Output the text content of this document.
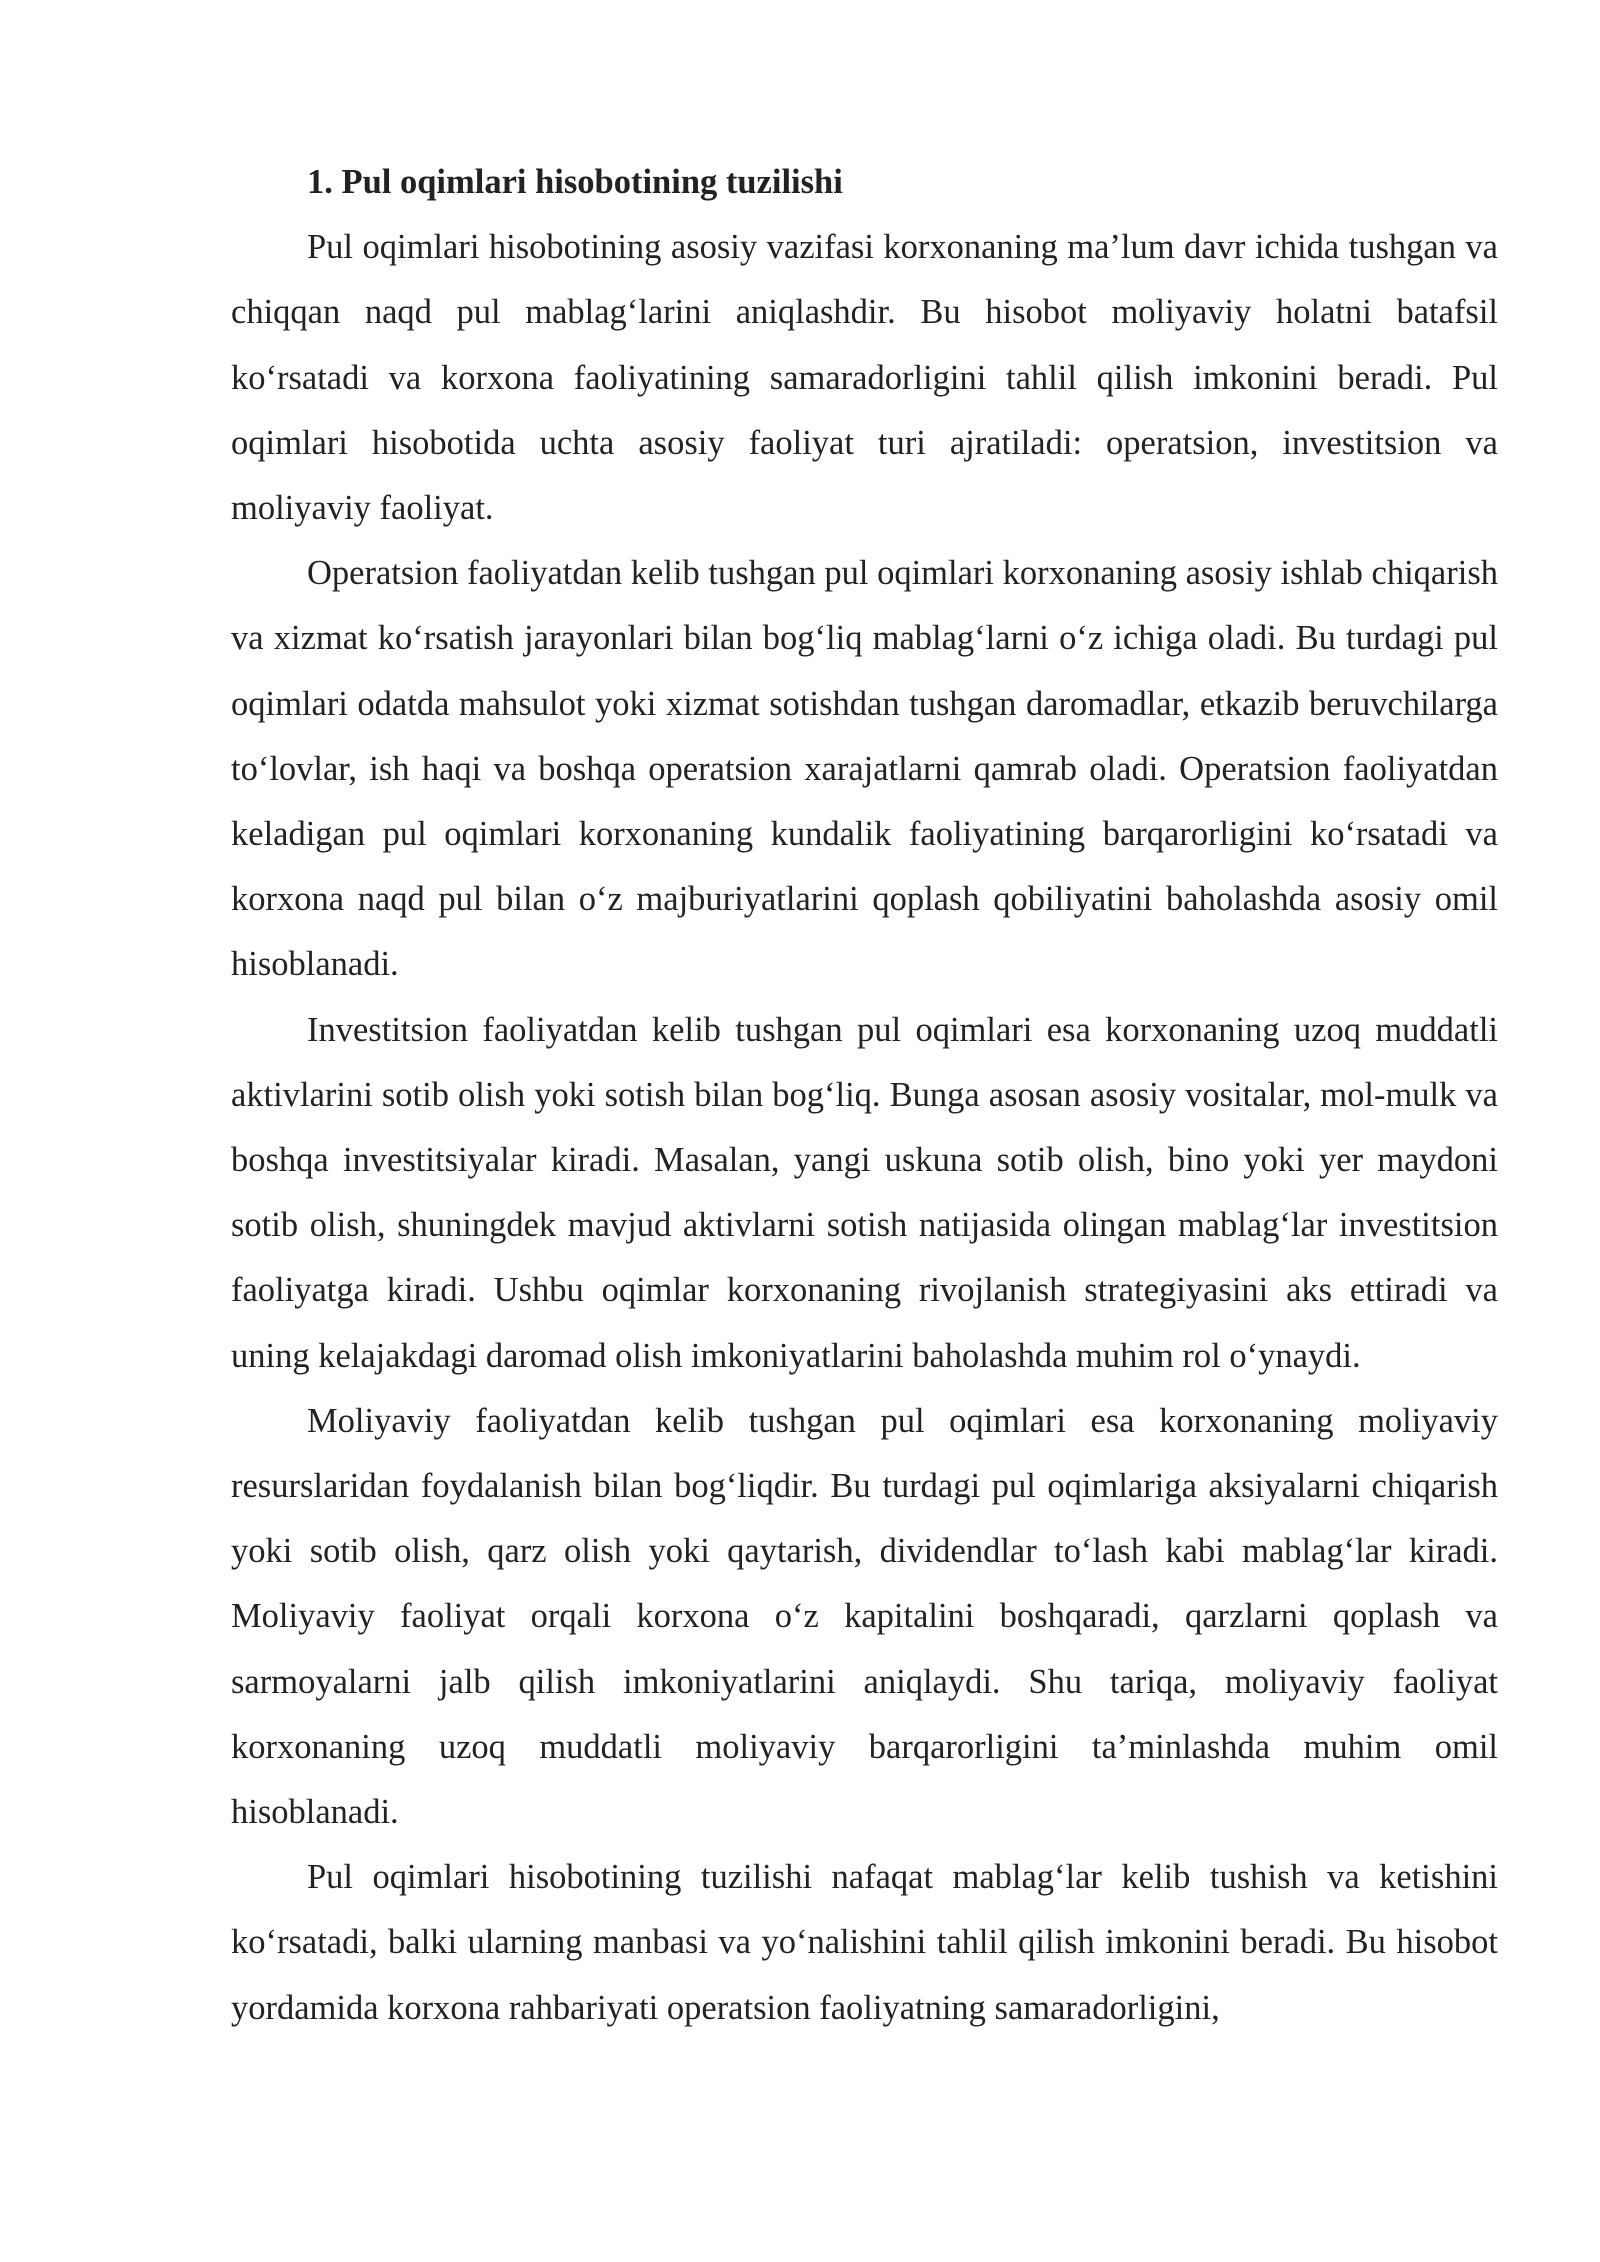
1. Pul oqimlari hisobotining tuzilishi

Pul oqimlari hisobotining asosiy vazifasi korxonaning ma’lum davr ichida tushgan va chiqqan naqd pul mablag‘larini aniqlashdir. Bu hisobot moliyaviy holatni batafsil ko‘rsatadi va korxona faoliyatining samaradorligini tahlil qilish imkonini beradi. Pul oqimlari hisobotida uchta asosiy faoliyat turi ajratiladi: operatsion, investitsion va moliyaviy faoliyat.

Operatsion faoliyatdan kelib tushgan pul oqimlari korxonaning asosiy ishlab chiqarish va xizmat ko‘rsatish jarayonlari bilan bog‘liq mablag‘larni o‘z ichiga oladi. Bu turdagi pul oqimlari odatda mahsulot yoki xizmat sotishdan tushgan daromadlar, etkazib beruvchilarga to‘lovlar, ish haqi va boshqa operatsion xarajatlarni qamrab oladi. Operatsion faoliyatdan keladigan pul oqimlari korxonaning kundalik faoliyatining barqarorligini ko‘rsatadi va korxona naqd pul bilan o‘z majburiyatlarini qoplash qobiliyatini baholashda asosiy omil hisoblanadi.

Investitsion faoliyatdan kelib tushgan pul oqimlari esa korxonaning uzoq muddatli aktivlarini sotib olish yoki sotish bilan bog‘liq. Bunga asosan asosiy vositalar, mol-mulk va boshqa investitsiyalar kiradi. Masalan, yangi uskuna sotib olish, bino yoki yer maydoni sotib olish, shuningdek mavjud aktivlarni sotish natijasida olingan mablag‘lar investitsion faoliyatga kiradi. Ushbu oqimlar korxonaning rivojlanish strategiyasini aks ettiradi va uning kelajakdagi daromad olish imkoniyatlarini baholashda muhim rol o‘ynaydi.

Moliyaviy faoliyatdan kelib tushgan pul oqimlari esa korxonaning moliyaviy resurslaridan foydalanish bilan bog‘liqdir. Bu turdagi pul oqimlariga aksiyalarni chiqarish yoki sotib olish, qarz olish yoki qaytarish, dividendlar to‘lash kabi mablag‘lar kiradi. Moliyaviy faoliyat orqali korxona o‘z kapitalini boshqaradi, qarzlarni qoplash va sarmoyalarni jalb qilish imkoniyatlarini aniqlaydi. Shu tariqa, moliyaviy faoliyat korxonaning uzoq muddatli moliyaviy barqarorligini ta’minlashda muhim omil hisoblanadi.

Pul oqimlari hisobotining tuzilishi nafaqat mablag‘lar kelib tushish va ketishini ko‘rsatadi, balki ularning manbasi va yo‘nalishini tahlil qilish imkonini beradi. Bu hisobot yordamida korxona rahbariyati operatsion faoliyatning samaradorligini,
